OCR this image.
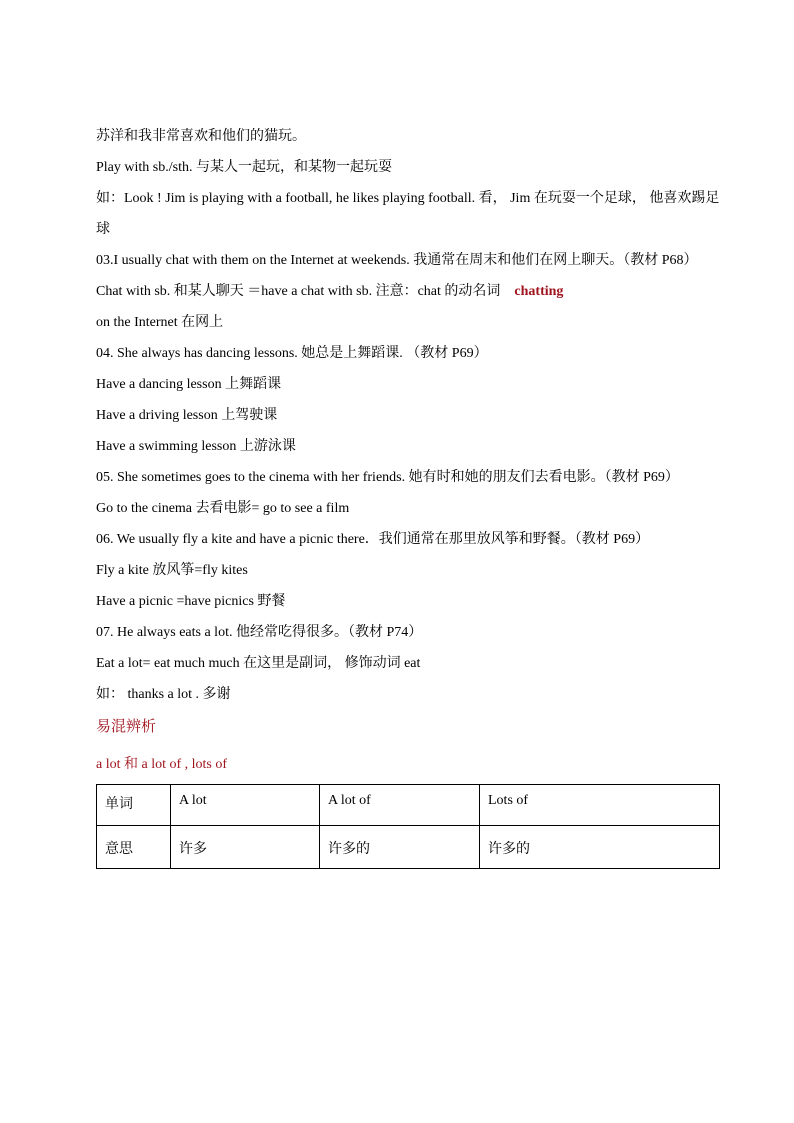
苏洋和我非常喜欢和他们的猫玩。
Play with sb./sth. 与某人一起玩，和某物一起玩耍
如：Look ! Jim is playing with a football, he likes playing football. 看， Jim 在玩耍一个足球， 他喜欢踢足球
03.I usually chat with them on the Internet at weekends. 我通常在周末和他们在网上聊天。（教材 P68）
Chat with sb. 和某人聊天 ＝have a chat with sb. 注意：chat 的动名词 chatting
on the Internet 在网上
04. She always has dancing lessons. 她总是上舞蹈课. （教材 P69）
Have a dancing lesson 上舞蹈课
Have a driving lesson 上驾驶课
Have a swimming lesson 上游泳课
05. She sometimes goes to the cinema with her friends. 她有时和她的朋友们去看电影。（教材 P69）
Go to the cinema 去看电影= go to see a film
06. We usually fly a kite and have a picnic there．我们通常在那里放风筝和野餐。（教材 P69）
Fly a kite 放风筝=fly kites
Have a picnic =have picnics 野餐
07. He always eats a lot. 他经常吃得很多。（教材 P74）
Eat a lot= eat much much 在这里是副词， 修饰动词 eat
如： thanks a lot . 多谢
易混辨析
a lot 和 a lot of , lots of
单词	A lot	A lot of	Lots of
意思	许多	许多的	许多的
